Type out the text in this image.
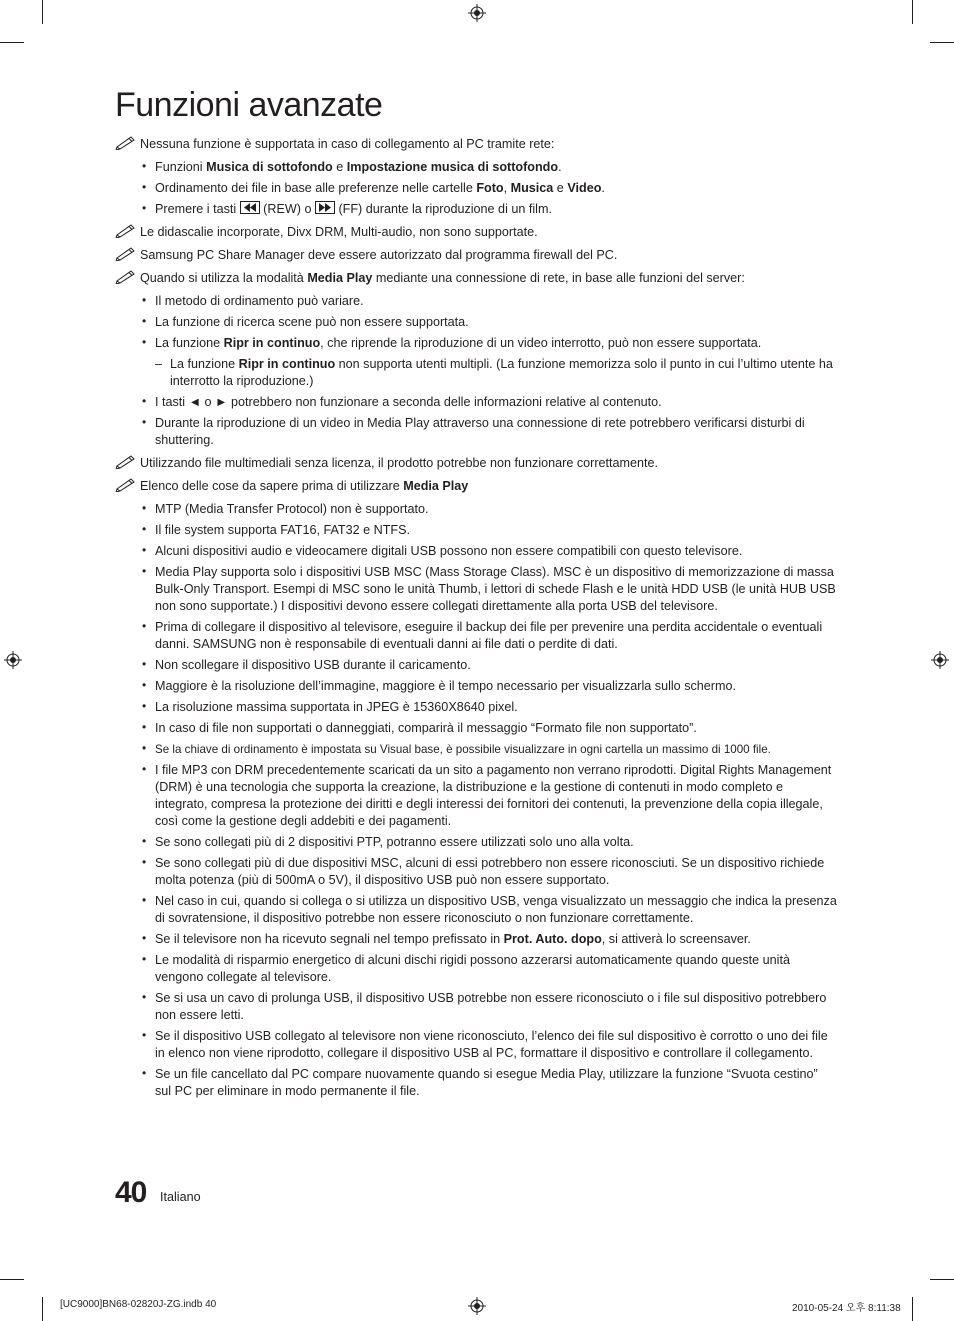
Funzioni avanzate
Nessuna funzione è supportata in caso di collegamento al PC tramite rete:
• Funzioni Musica di sottofondo e Impostazione musica di sottofondo.
• Ordinamento dei file in base alle preferenze nelle cartelle Foto, Musica e Video.
• Premere i tasti
(REW) o
(FF) durante la riproduzione di un film.
Le didascalie incorporate, Divx DRM, Multi-audio, non sono supportate.
Samsung PC Share Manager deve essere autorizzato dal programma firewall del PC.
Quando si utilizza la modalità Media Play mediante una connessione di rete, in base alle funzioni del server:
• Il metodo di ordinamento può variare.
• La funzione di ricerca scene può non essere supportata.
• La funzione Ripr in continuo, che riprende la riproduzione di un video interrotto, può non essere supportata.
– La funzione Ripr in continuo non supporta utenti multipli. (La funzione memorizza solo il punto in cui l’ultimo utente ha interrotto la riproduzione.)
• I tasti ◄ o ► potrebbero non funzionare a seconda delle informazioni relative al contenuto.
• Durante la riproduzione di un video in Media Play attraverso una connessione di rete potrebbero verificarsi disturbi di shuttering.
Utilizzando file multimediali senza licenza, il prodotto potrebbe non funzionare correttamente.
Elenco delle cose da sapere prima di utilizzare Media Play
• MTP (Media Transfer Protocol) non è supportato.
• Il file system supporta FAT16, FAT32 e NTFS.
• Alcuni dispositivi audio e videocamere digitali USB possono non essere compatibili con questo televisore.
• Media Play supporta solo i dispositivi USB MSC (Mass Storage Class). MSC è un dispositivo di memorizzazione di massa Bulk-Only Transport. Esempi di MSC sono le unità Thumb, i lettori di schede Flash e le unità HDD USB (le unità HUB USB non sono supportate.) I dispositivi devono essere collegati direttamente alla porta USB del televisore.
• Prima di collegare il dispositivo al televisore, eseguire il backup dei file per prevenire una perdita accidentale o eventuali danni. SAMSUNG non è responsabile di eventuali danni ai file dati o perdite di dati.
• Non scollegare il dispositivo USB durante il caricamento.
• Maggiore è la risoluzione dell’immagine, maggiore è il tempo necessario per visualizzarla sullo schermo.
• La risoluzione massima supportata in JPEG è 15360X8640 pixel.
• In caso di file non supportati o danneggiati, comparirà il messaggio “Formato file non supportato”.
• Se la chiave di ordinamento è impostata su Visual base, è possibile visualizzare in ogni cartella un massimo di 1000 file.
• I file MP3 con DRM precedentemente scaricati da un sito a pagamento non verrano riprodotti. Digital Rights Management (DRM) è una tecnologia che supporta la creazione, la distribuzione e la gestione di contenuti in modo completo e integrato, compresa la protezione dei diritti e degli interessi dei fornitori dei contenuti, la prevenzione della copia illegale, così come la gestione degli addebiti e dei pagamenti.
• Se sono collegati più di 2 dispositivi PTP, potranno essere utilizzati solo uno alla volta.
• Se sono collegati più di due dispositivi MSC, alcuni di essi potrebbero non essere riconosciuti. Se un dispositivo richiede molta potenza (più di 500mA o 5V), il dispositivo USB può non essere supportato.
• Nel caso in cui, quando si collega o si utilizza un dispositivo USB, venga visualizzato un messaggio che indica la presenza di sovratensione, il dispositivo potrebbe non essere riconosciuto o non funzionare correttamente.
• Se il televisore non ha ricevuto segnali nel tempo prefissato in Prot. Auto. dopo, si attiverà lo screensaver.
• Le modalità di risparmio energetico di alcuni dischi rigidi possono azzerarsi automaticamente quando queste unità vengono collegate al televisore.
• Se si usa un cavo di prolunga USB, il dispositivo USB potrebbe non essere riconosciuto o i file sul dispositivo potrebbero non essere letti.
• Se il dispositivo USB collegato al televisore non viene riconosciuto, l’elenco dei file sul dispositivo è corrotto o uno dei file in elenco non viene riprodotto, collegare il dispositivo USB al PC, formattare il dispositivo e controllare il collegamento.
• Se un file cancellato dal PC compare nuovamente quando si esegue Media Play, utilizzare la funzione “Svuota cestino” sul PC per eliminare in modo permanente il file.
40 Italiano
[UC9000]BN68-02820J-ZG.indb 40	2010-05-24 오후 8:11:38
